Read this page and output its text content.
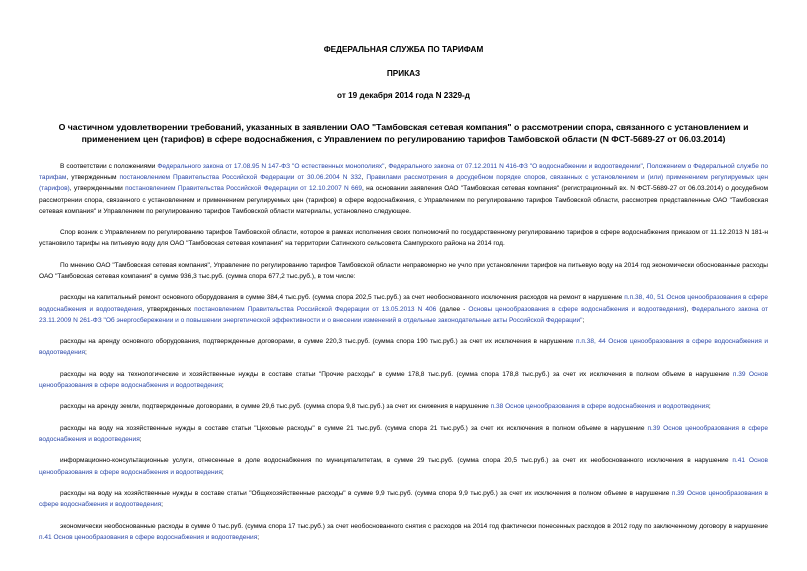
ФЕДЕРАЛЬНАЯ СЛУЖБА ПО ТАРИФАМ
ПРИКАЗ
от 19 декабря 2014 года N 2329-д
О частичном удовлетворении требований, указанных в заявлении ОАО "Тамбовская сетевая компания" о рассмотрении спора, связанного с установлением и применением цен (тарифов) в сфере водоснабжения, с Управлением по регулированию тарифов Тамбовской области (N ФСТ-5689-27 от 06.03.2014)

В соответствии с положениями Федерального закона от 17.08.95 N 147-ФЗ "О естественных монополиях", Федерального закона от 07.12.2011 N 416-ФЗ "О водоснабжении и водоотведении", Положением о Федеральной службе по тарифам, утвержденным постановлением Правительства Российской Федерации от 30.06.2004 N 332, Правилами рассмотрения в досудебном порядке споров, связанных с установлением и (или) применением регулируемых цен (тарифов), утвержденными постановлением Правительства Российской Федерации от 12.10.2007 N 669, на основании заявления ОАО "Тамбовская сетевая компания" (регистрационный вх. N ФСТ-5689-27 от 06.03.2014) о досудебном рассмотрении спора, связанного с установлением и применением регулируемых цен (тарифов) в сфере водоснабжения, с Управлением по регулированию тарифов Тамбовской области, рассмотрев представленные ОАО "Тамбовская сетевая компания" и Управлением по регулированию тарифов Тамбовской области материалы, установлено следующее.

Спор возник с Управлением по регулированию тарифов Тамбовской области, которое в рамках исполнения своих полномочий по государственному регулированию тарифов в сфере водоснабжения приказом от 11.12.2013 N 181-н установило тарифы на питьевую воду для ОАО "Тамбовская сетевая компания" на территории Сатинского сельсовета Сампурского района на 2014 год.

По мнению ОАО "Тамбовская сетевая компания", Управление по регулированию тарифов Тамбовской области неправомерно не учло при установлении тарифов на питьевую воду на 2014 год экономически обоснованные расходы ОАО "Тамбовская сетевая компания" в сумме 936,3 тыс.руб. (сумма спора 677,2 тыс.руб.), в том числе:

расходы на капитальный ремонт основного оборудования в сумме 384,4 тыс.руб. (сумма спора 202,5 тыс.руб.) за счет необоснованного исключения расходов на ремонт в нарушение п.п.38, 40, 51 Основ ценообразования в сфере водоснабжения и водоотведения, утвержденных постановлением Правительства Российской Федерации от 13.05.2013 N 406 (далее - Основы ценообразования в сфере водоснабжения и водоотведения), Федерального закона от 23.11.2009 N 261-ФЗ "Об энергосбережении и о повышении энергетической эффективности и о внесении изменений в отдельные законодательные акты Российской Федерации";

расходы на аренду основного оборудования, подтвержденные договорами, в сумме 220,3 тыс.руб. (сумма спора 190 тыс.руб.) за счет их исключения в нарушение п.п.38, 44 Основ ценообразования в сфере водоснабжения и водоотведения;

расходы на воду на технологические и хозяйственные нужды в составе статьи "Прочие расходы" в сумме 178,8 тыс.руб. (сумма спора 178,8 тыс.руб.) за счет их исключения в полном объеме в нарушение п.39 Основ ценообразования в сфере водоснабжения и водоотведения;

расходы на аренду земли, подтвержденные договорами, в сумме 29,6 тыс.руб. (сумма спора 9,8 тыс.руб.) за счет их снижения в нарушение п.38 Основ ценообразования в сфере водоснабжения и водоотведения;

расходы на воду на хозяйственные нужды в составе статьи "Цеховые расходы" в сумме 21 тыс.руб. (сумма спора 21 тыс.руб.) за счет их исключения в полном объеме в нарушение п.39 Основ ценообразования в сфере водоснабжения и водоотведения;

информационно-консультационные услуги, отнесенные в доле водоснабжения по муниципалитетам, в сумме 29 тыс.руб. (сумма спора 20,5 тыс.руб.) за счет их необоснованного исключения в нарушение п.41 Основ ценообразования в сфере водоснабжения и водоотведения;

расходы на воду на хозяйственные нужды в составе статьи "Общехозяйственные расходы" в сумме 9,9 тыс.руб. (сумма спора 9,9 тыс.руб.) за счет их исключения в полном объеме в нарушение п.39 Основ ценообразования в сфере водоснабжения и водоотведения;

экономически необоснованные расходы в сумме 0 тыс.руб. (сумма спора 17 тыс.руб.) за счет необоснованного снятия с расходов на 2014 год фактически понесенных расходов в 2012 году по заключенному договору в нарушение п.41 Основ ценообразования в сфере водоснабжения и водоотведения;
